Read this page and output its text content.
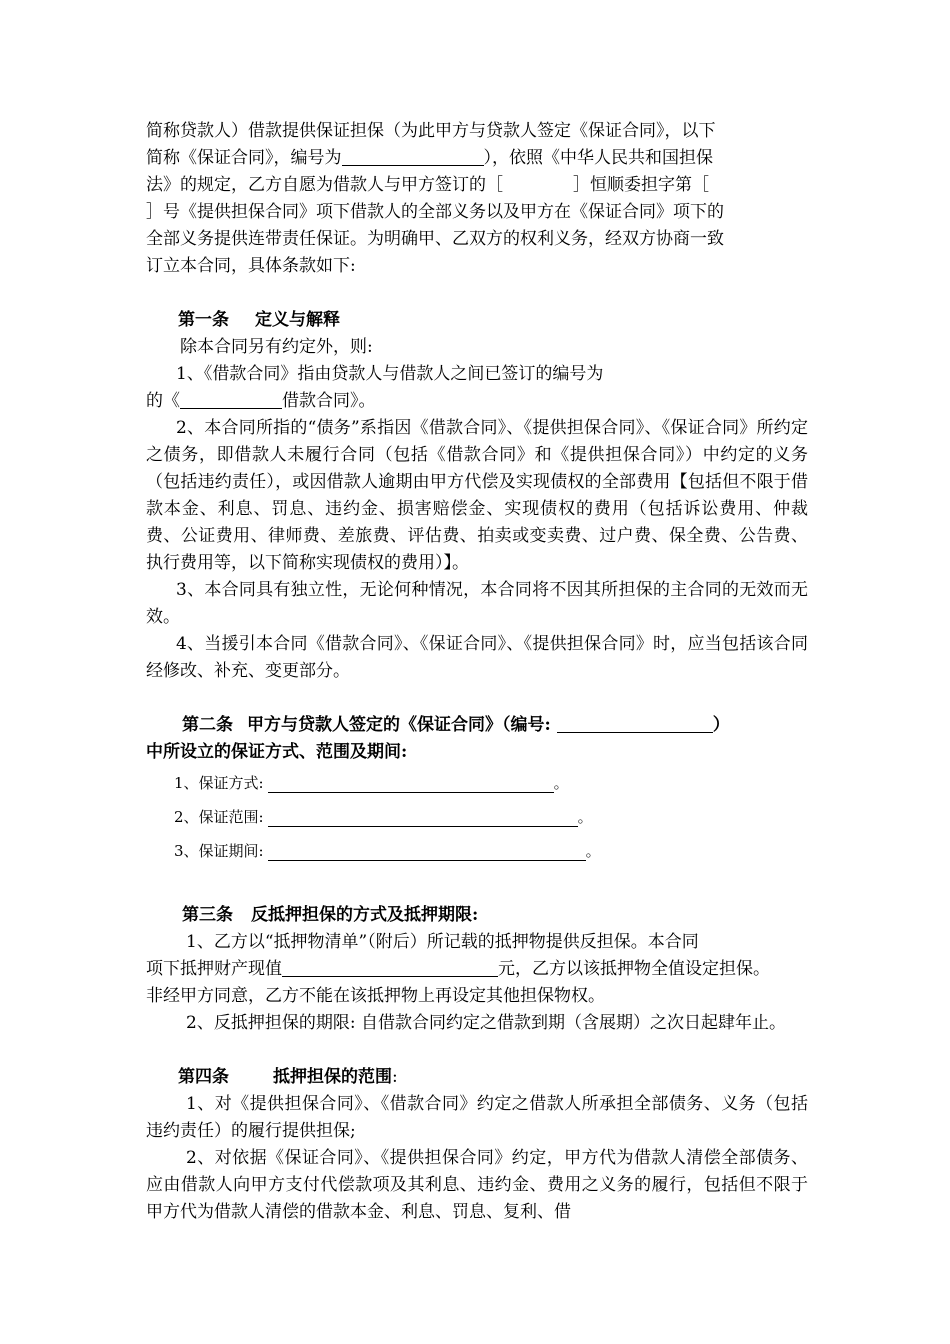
简称贷款人）借款提供保证担保（为此甲方与贷款人签定《保证合同》，以下

简称《保证合同》，编号为	），依照《中华人民共和国担保

法》的规定，乙方自愿为借款人与甲方签订的［	］恒顺委担字第［

］号《提供担保合同》项下借款人的全部义务以及甲方在《保证合同》项下的

全部义务提供连带责任保证。为明确甲、乙双方的权利义务，经双方协商一致

订立本合同，具体条款如下:

第一条 定义与解释

除本合同另有约定外，则:

1、《借款合同》指由贷款人与借款人之间已签订的编号为

的《	借款合同》。

2、本合同所指的“债务”系指因《借款合同》、《提供担保合同》、《保证合同》所约定之债务，即借款人未履行合同（包括《借款合同》和《提供担保合同》）中约定的义务（包括违约责任），或因借款人逾期由甲方代偿及实现债权的全部费用【包括但不限于借款本金、利息、罚息、违约金、损害赔偿金、实现债权的费用（包括诉讼费用、仲裁费、公证费用、律师费、差旅费、评估费、拍卖或变卖费、过户费、保全费、公告费、执行费用等，以下简称实现债权的费用）】。

3、本合同具有独立性，无论何种情况，本合同将不因其所担保的主合同的无效而无效。

4、当援引本合同《借款合同》、《保证合同》、《提供担保合同》时，应当包括该合同经修改、补充、变更部分。

第二条 甲方与贷款人签定的《保证合同》（编号:	）

中所设立的保证方式、范围及期间:

1、保证方式:	。
2、保证范围:	。
3、保证期间:	。

第三条 反抵押担保的方式及抵押期限:

1、乙方以“抵押物清单”（附后）所记载的抵押物提供反担保。本合同

项下抵押财产现值	元，乙方以该抵押物全值设定担保。

非经甲方同意，乙方不能在该抵押物上再设定其他担保物权。

2、反抵押担保的期限: 自借款合同约定之借款到期（含展期）之次日起肆年止。

第四条	抵押担保的范围:

1、对《提供担保合同》、《借款合同》约定之借款人所承担全部债务、义务（包括违约责任）的履行提供担保;

2、对依据《保证合同》、《提供担保合同》约定，甲方代为借款人清偿全部债务、应由借款人向甲方支付代偿款项及其利息、违约金、费用之义务的履行，包括但不限于甲方代为借款人清偿的借款本金、利息、罚息、复利、借
